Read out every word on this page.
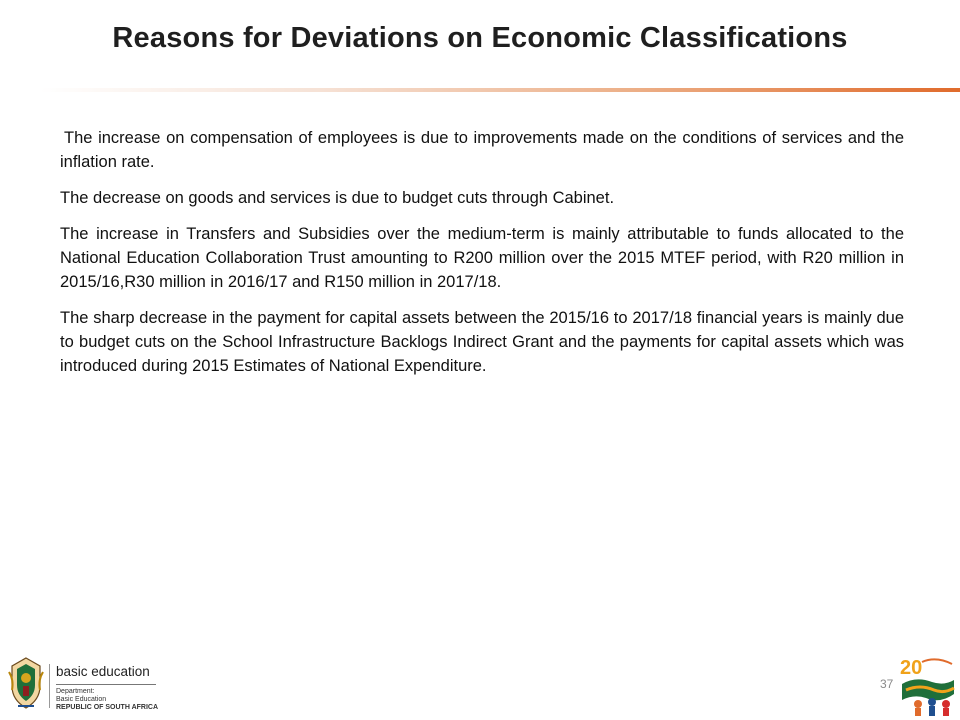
Reasons for Deviations on Economic Classifications

The increase on compensation of employees is due to improvements made on the conditions of services and the inflation rate.

The decrease on goods and services is due to budget cuts through Cabinet.

The increase in Transfers and Subsidies over the medium-term is mainly attributable to funds allocated to the National Education Collaboration Trust amounting to R200 million over the 2015 MTEF period, with R20 million in 2015/16,R30 million in 2016/17 and R150 million in 2017/18.

The sharp decrease in the payment for capital assets between the 2015/16 to 2017/18 financial years is mainly due to budget cuts on the School Infrastructure Backlogs Indirect Grant and the payments for capital assets which was introduced during 2015 Estimates of National Expenditure.

basic education
Department:
Basic Education
REPUBLIC OF SOUTH AFRICA
37
20
